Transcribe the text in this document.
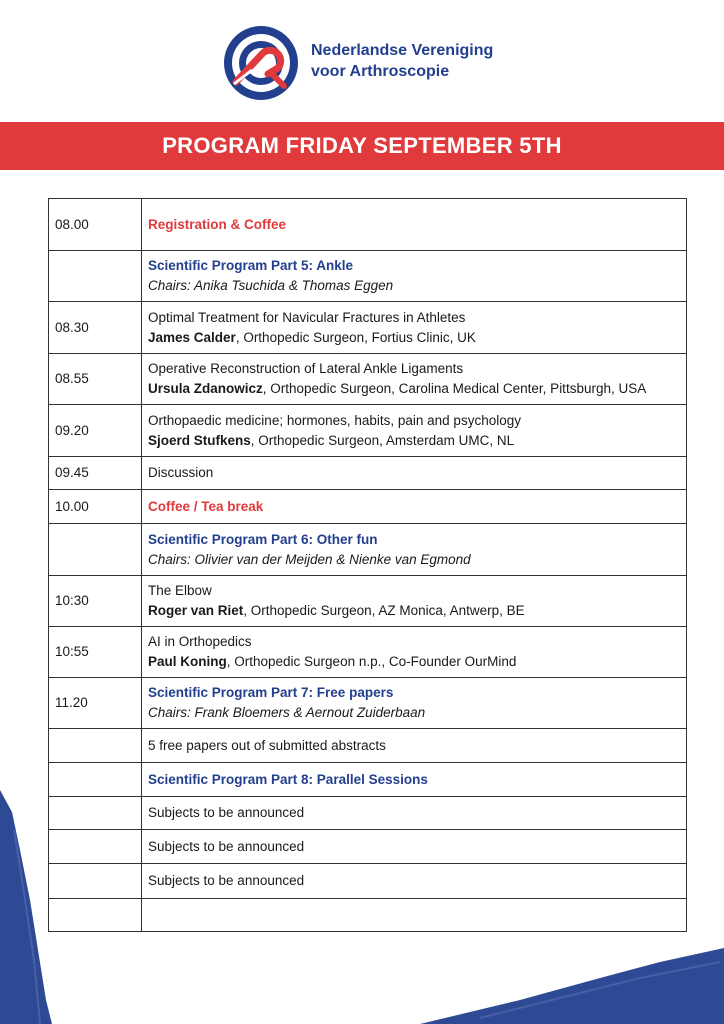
Nederlandse Vereniging
voor Arthroscopie
PROGRAM FRIDAY SEPTEMBER 5TH
08.00	Registration & Coffee

	Scientific Program Part 5: Ankle
Chairs: Anika Tsuchida & Thomas Eggen

08.30	Optimal Treatment for Navicular Fractures in Athletes
James Calder, Orthopedic Surgeon, Fortius Clinic, UK

08.55	Operative Reconstruction of Lateral Ankle Ligaments
Ursula Zdanowicz, Orthopedic Surgeon, Carolina Medical Center, Pittsburgh, USA

09.20	Orthopaedic medicine; hormones, habits, pain and psychology
Sjoerd Stufkens, Orthopedic Surgeon, Amsterdam UMC, NL

09.45	Discussion
10.00	Coffee / Tea break

	Scientific Program Part 6: Other fun
Chairs: Olivier van der Meijden & Nienke van Egmond

10:30	The Elbow
Roger van Riet, Orthopedic Surgeon, AZ Monica, Antwerp, BE

10:55	AI in Orthopedics
Paul Koning, Orthopedic Surgeon n.p., Co-Founder OurMind

11.20	Scientific Program Part 7: Free papers
Chairs: Frank Bloemers & Aernout Zuiderbaan

	5 free papers out of submitted abstracts
	Scientific Program Part 8: Parallel Sessions
	Subjects to be announced
	Subjects to be announced
	Subjects to be announced
